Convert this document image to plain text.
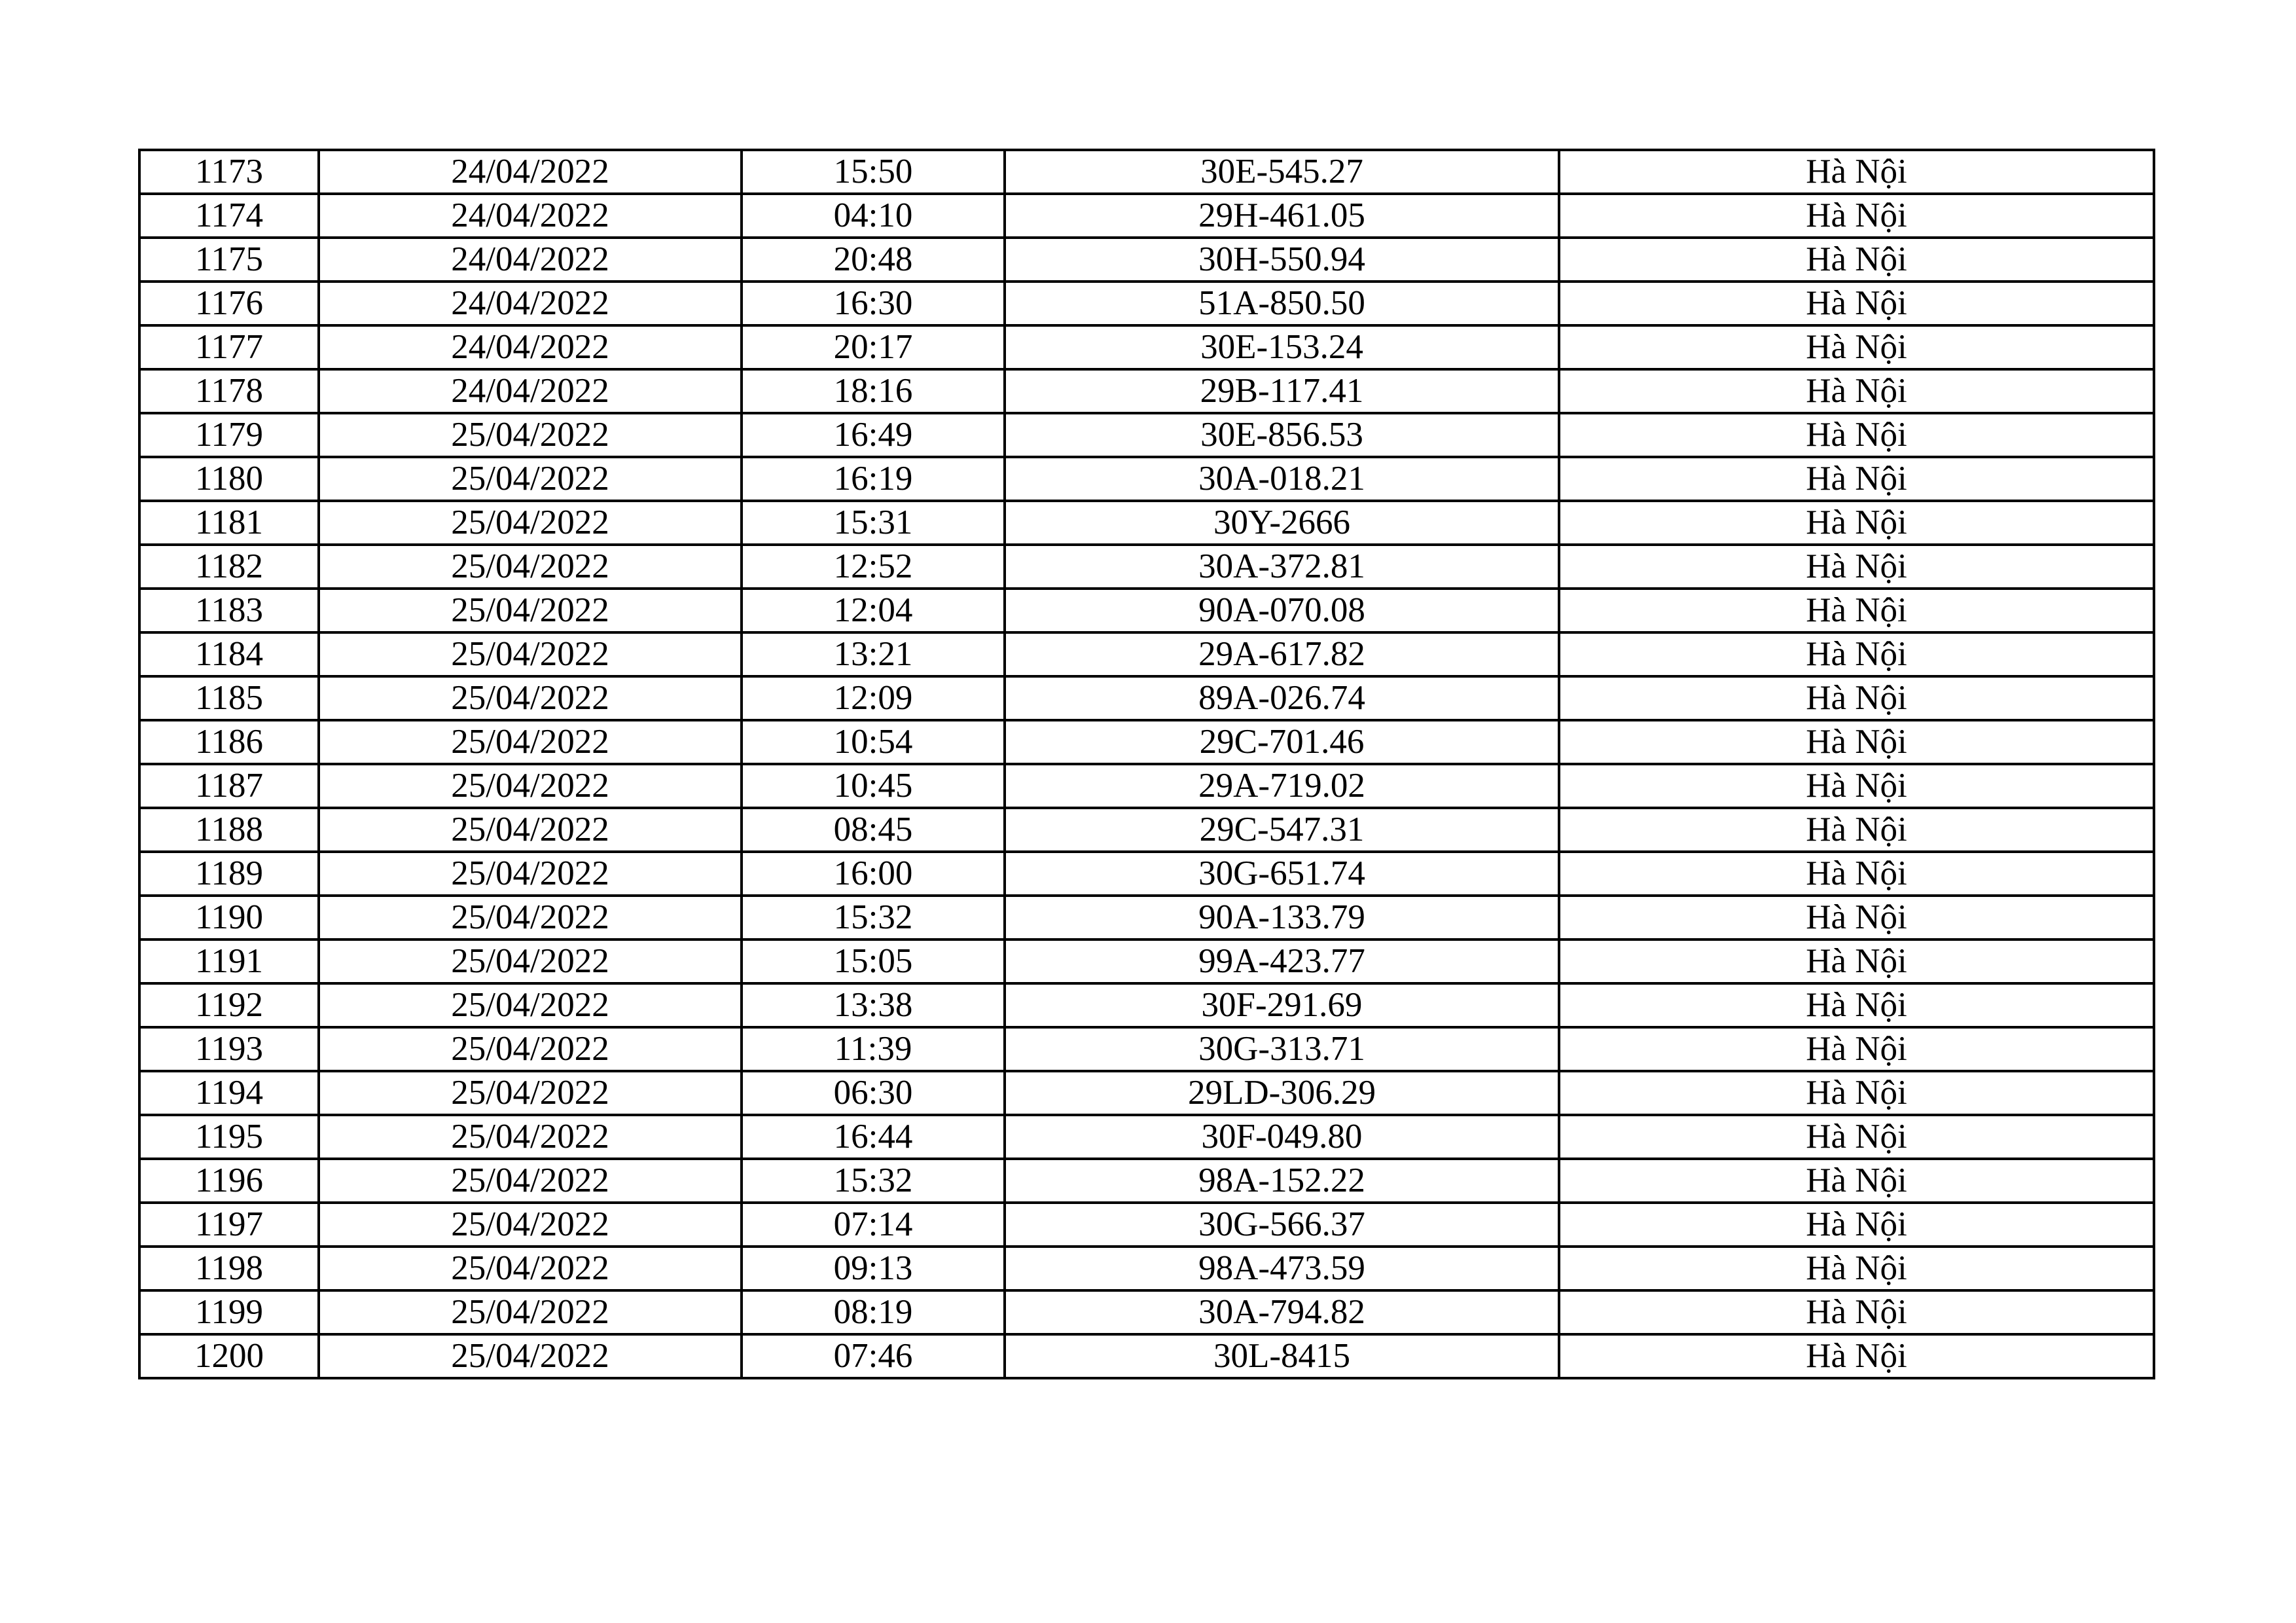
1173	24/04/2022	15:50	30E-545.27	Hà Nội
1174	24/04/2022	04:10	29H-461.05	Hà Nội
1175	24/04/2022	20:48	30H-550.94	Hà Nội
1176	24/04/2022	16:30	51A-850.50	Hà Nội
1177	24/04/2022	20:17	30E-153.24	Hà Nội
1178	24/04/2022	18:16	29B-117.41	Hà Nội
1179	25/04/2022	16:49	30E-856.53	Hà Nội
1180	25/04/2022	16:19	30A-018.21	Hà Nội
1181	25/04/2022	15:31	30Y-2666	Hà Nội
1182	25/04/2022	12:52	30A-372.81	Hà Nội
1183	25/04/2022	12:04	90A-070.08	Hà Nội
1184	25/04/2022	13:21	29A-617.82	Hà Nội
1185	25/04/2022	12:09	89A-026.74	Hà Nội
1186	25/04/2022	10:54	29C-701.46	Hà Nội
1187	25/04/2022	10:45	29A-719.02	Hà Nội
1188	25/04/2022	08:45	29C-547.31	Hà Nội
1189	25/04/2022	16:00	30G-651.74	Hà Nội
1190	25/04/2022	15:32	90A-133.79	Hà Nội
1191	25/04/2022	15:05	99A-423.77	Hà Nội
1192	25/04/2022	13:38	30F-291.69	Hà Nội
1193	25/04/2022	11:39	30G-313.71	Hà Nội
1194	25/04/2022	06:30	29LD-306.29	Hà Nội
1195	25/04/2022	16:44	30F-049.80	Hà Nội
1196	25/04/2022	15:32	98A-152.22	Hà Nội
1197	25/04/2022	07:14	30G-566.37	Hà Nội
1198	25/04/2022	09:13	98A-473.59	Hà Nội
1199	25/04/2022	08:19	30A-794.82	Hà Nội
1200	25/04/2022	07:46	30L-8415	Hà Nội
